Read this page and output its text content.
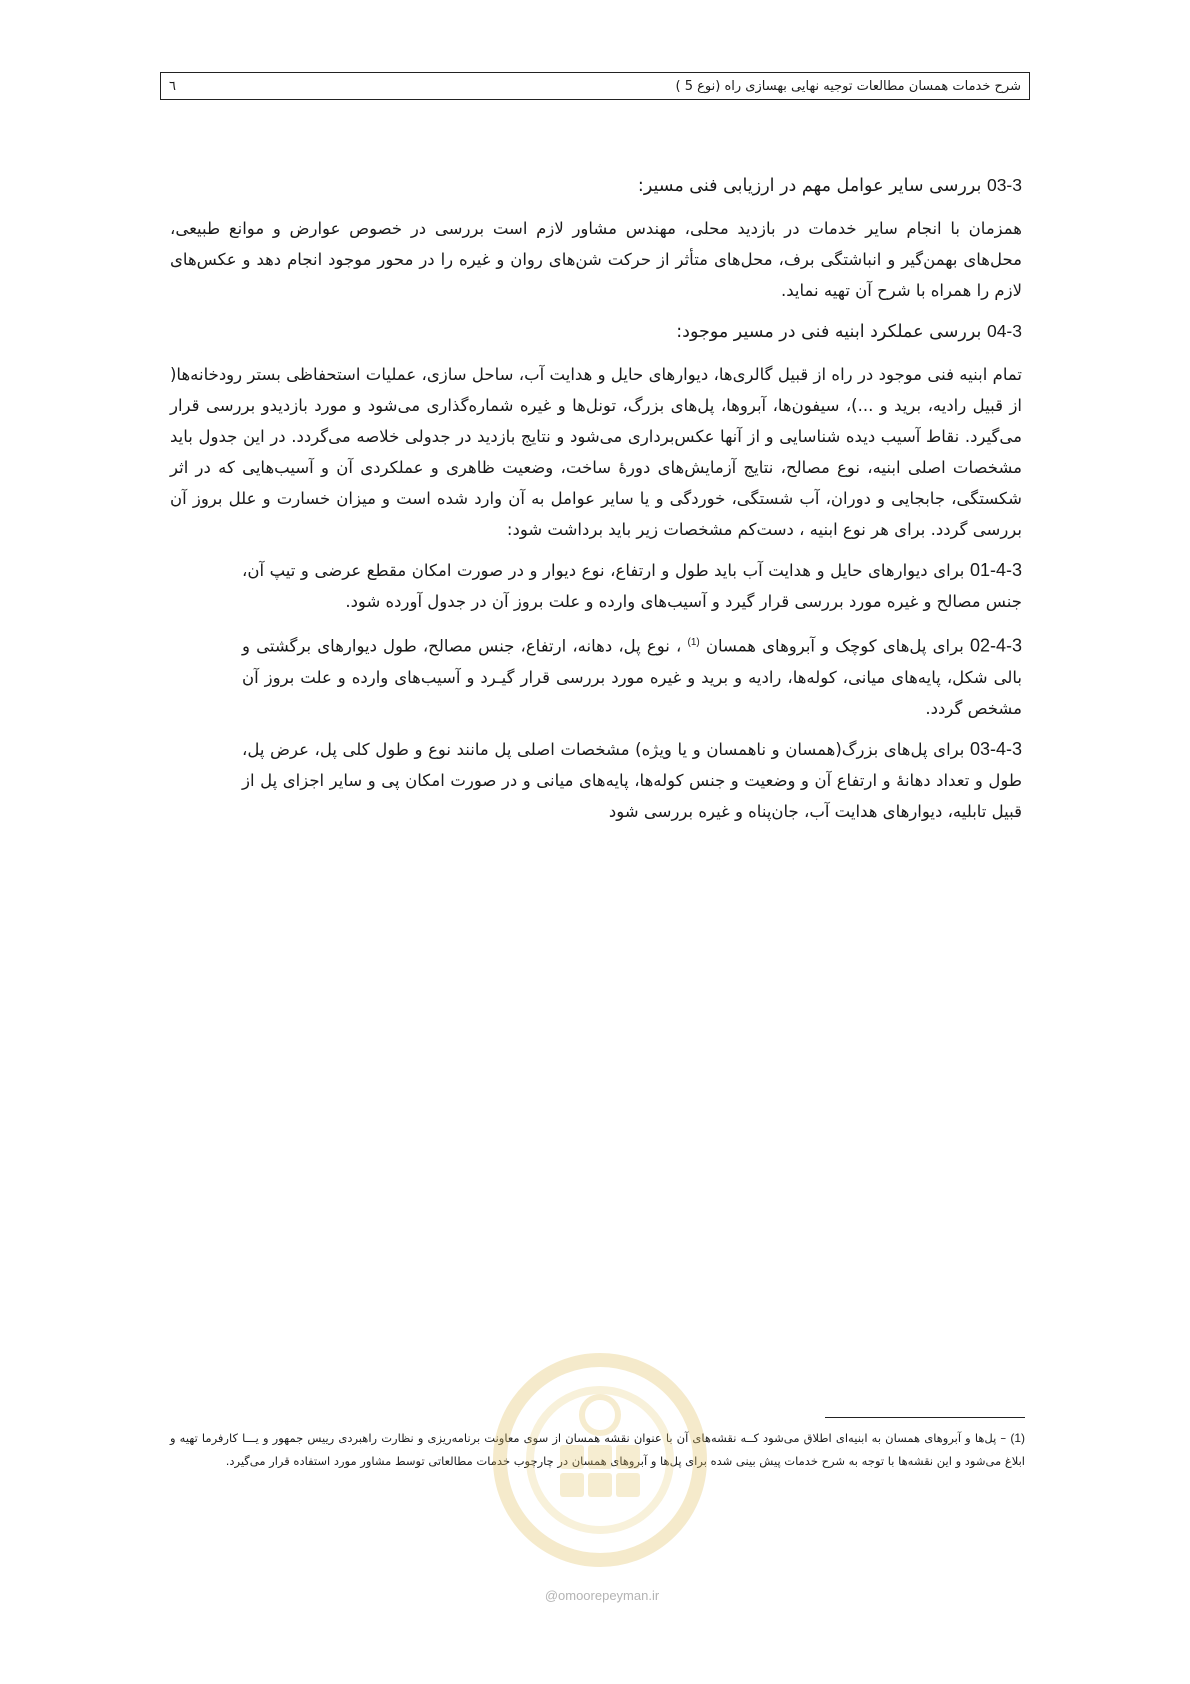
٦	شرح خدمات همسان مطالعات توجیه نهایی بهسازی راه (نوع 5 )
03-3 بررسی سایر عوامل مهم در ارزیابی فنی مسیر:

همزمان با انجام سایر خدمات در بازدید محلی، مهندس مشاور لازم است بررسی در خصوص عوارض و موانع طبیعی، محل‌های بهمن‌گیر و انباشتگی برف، محل‌های متأثر از حرکت شن‌های روان و غیره را در محور موجود انجام دهد و عکس‌های لازم را همراه با شرح آن تهیه نماید.

04-3 بررسی عملکرد ابنیه فنی در مسیر موجود:

تمام ابنیه فنی موجود در راه از قبیل گالری‌ها، دیوارهای حایل و هدایت آب، ساحل سازی، عملیات استحفاظی بستر رودخانه‌ها( از قبیل رادیه، برید و ...)، سیفون‌ها، آبروها، پل‌های بزرگ، تونل‌ها و غیره شماره‌گذاری می‌شود و مورد بازدیدو بررسی قرار می‌گیرد. نقاط آسیب دیده شناسایی و از آنها عکس‌برداری می‌شود و نتایج بازدید در جدولی خلاصه می‌گردد. در این جدول باید مشخصات اصلی ابنیه، نوع مصالح، نتایج آزمایش‌های دورهٔ ساخت، وضعیت ظاهری و عملکردی آن و آسیب‌هایی که در اثر شکستگی، جابجایی و دوران، آب شستگی، خوردگی و یا سایر عوامل به آن وارد شده است و میزان خسارت و علل بروز آن بررسی گردد. برای هر نوع ابنیه ، دست‌کم مشخصات زیر باید برداشت شود:

01-4-3 برای دیوارهای حایل و هدایت آب باید طول و ارتفاع، نوع دیوار و در صورت امکان مقطع عرضی و تیپ آن، جنس مصالح و غیره مورد بررسی قرار گیرد و آسیب‌های وارده و علت بروز آن در جدول آورده شود.

02-4-3 برای پل‌های کوچک و آبروهای همسان $^{(1)}$ ، نوع پل، دهانه، ارتفاع، جنس مصالح، طول دیوارهای برگشتی و بالی شکل، پایه‌های میانی، کوله‌ها، رادیه و برید و غیره مورد بررسی قرار گیـرد و آسیب‌های وارده و علت بروز آن مشخص گردد.

03-4-3 برای پل‌های بزرگ(همسان و ناهمسان و یا ویژه) مشخصات اصلی پل مانند نوع و طول کلی پل، عرض پل، طول و تعداد دهانهٔ و ارتفاع آن و وضعیت و جنس کوله‌ها، پایه‌های میانی و در صورت امکان پی و سایر اجزای پل از قبیل تابلیه، دیوارهای هدایت آب، جان‌پناه و غیره بررسی شود

(1) – پل‌ها و آبروهای همسان به ابنیه‌ای اطلاق می‌شود کــه نقشه‌های آن با عنوان نقشه همسان از سوی معاونت برنامه‌ریزی و نظارت راهبردی رییس جمهور و یـــا کارفرما تهیه و ابلاغ می‌شود و این نقشه‌ها با توجه به شرح خدمات پیش بینی شده برای پل‌ها و آبروهای همسان در چارچوب خدمات مطالعاتی توسط مشاور مورد استفاده قرار می‌گیرد.
@omoorepeyman.ir
